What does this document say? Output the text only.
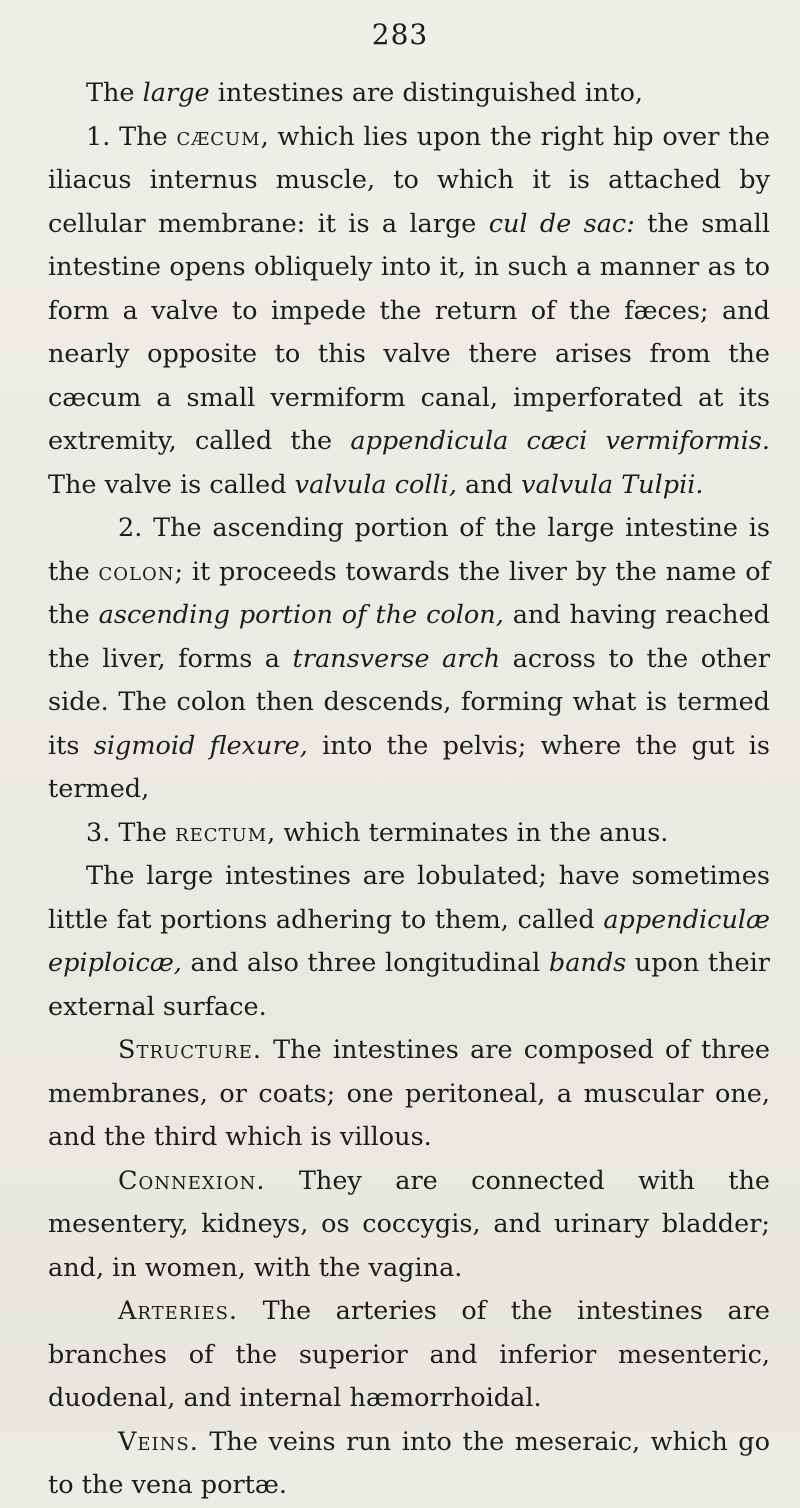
283

The large intestines are distinguished into,

1. The cæcum, which lies upon the right hip over the iliacus internus muscle, to which it is attached by cellular membrane: it is a large cul de sac: the small intestine opens obliquely into it, in such a manner as to form a valve to impede the return of the fæces; and nearly opposite to this valve there arises from the cæcum a small vermiform canal, imperforated at its extremity, called the appendicula cæci vermiformis. The valve is called valvula colli, and valvula Tulpii.

2. The ascending portion of the large intestine is the colon; it proceeds towards the liver by the name of the ascending portion of the colon, and having reached the liver, forms a transverse arch across to the other side. The colon then descends, forming what is termed its sigmoid flexure, into the pelvis; where the gut is termed,

3. The rectum, which terminates in the anus.

The large intestines are lobulated; have sometimes little fat portions adhering to them, called appendiculæ epiploicæ, and also three longitudinal bands upon their external surface.

Structure. The intestines are composed of three membranes, or coats; one peritoneal, a muscular one, and the third which is villous.

Connexion. They are connected with the mesentery, kidneys, os coccygis, and urinary bladder; and, in women, with the vagina.

Arteries. The arteries of the intestines are branches of the superior and inferior mesenteric, duodenal, and internal hæmorrhoidal.

Veins. The veins run into the meseraic, which go to the vena portæ.
